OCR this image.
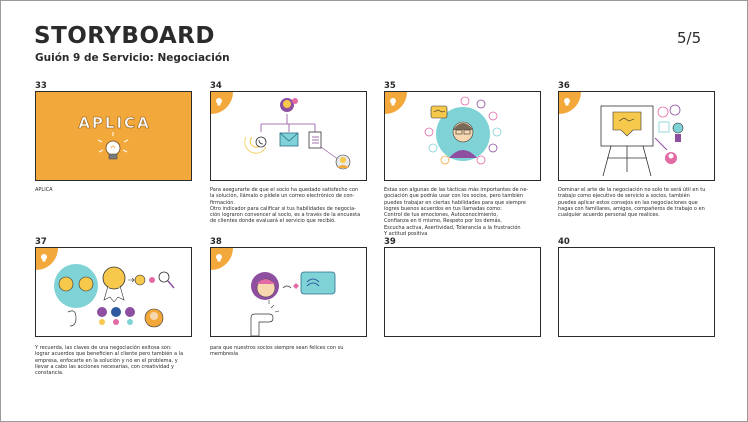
STORYBOARD
Guión 9 de Servicio: Negociación
5/5
33
APLICA
APLICA
34
Para asegurarte de que el socio ha quedado satisfecho con
la solución, llámalo o pídele un correo electrónico de con-
firmación.
Otro indicador para calificar si tus habilidades de negocia-
ción lograron convencer al socio, es a través de la encuesta
de clientes donde evaluará el servicio que recibió.
35
Estas son algunas de las tácticas más importantes de ne-
gociación que podrás usar con los socios, pero también
puedes trabajar en ciertas habilidades para que siempre
logres buenos acuerdos en tus llamadas como:
Control de tus emociones, Autoconocimiento,
Confianza en ti mismo, Respeto por los demás,
Escucha activa, Asertividad, Tolerancia a la frustración
Y actitud positiva
36
Dominar el arte de la negociación no solo te será útil en tu
trabajo como ejecutivo de servicio a socios, también
puedes aplicar estos consejos en las negociaciones que
hagas con familiares, amigos, compañeros de trabajo o en
cualquier acuerdo personal que realices.
37
Y recuerda, las claves de una negociación exitosa son:
lograr acuerdos que beneficien al cliente pero también a la
empresa, enfocarte en la solución y no en el problema, y
llevar a cabo las acciones necesarias, con creatividad y
constancia.
38
para que nuestros socios siempre sean felices con su
membresía
39	40
